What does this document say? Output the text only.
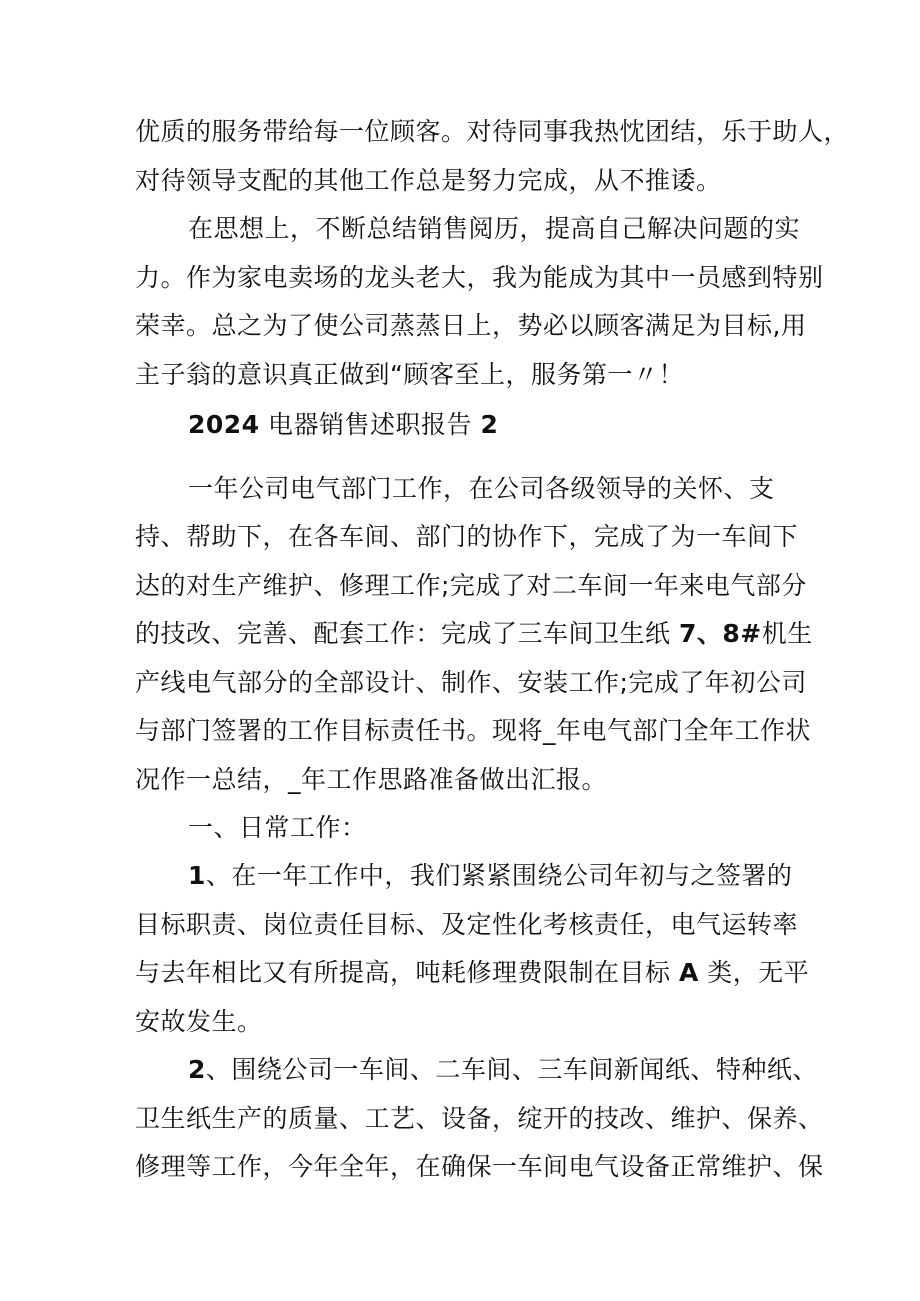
优质的服务带给每一位顾客。对待同事我热忱团结，乐于助人，
对待领导支配的其他工作总是努力完成，从不推诿。
在思想上，不断总结销售阅历，提高自己解决问题的实
力。作为家电卖场的龙头老大，我为能成为其中一员感到特别
荣幸。总之为了使公司蒸蒸日上，势必以顾客满足为目标,用
主子翁的意识真正做到“顾客至上，服务第一〃！
2024 电器销售述职报告 2
一年公司电气部门工作，在公司各级领导的关怀、支
持、帮助下，在各车间、部门的协作下，完成了为一车间下
达的对生产维护、修理工作;完成了对二车间一年来电气部分
的技改、完善、配套工作：完成了三车间卫生纸 7、8#机生
产线电气部分的全部设计、制作、安装工作;完成了年初公司
与部门签署的工作目标责任书。现将_年电气部门全年工作状
况作一总结，_年工作思路准备做出汇报。
一、日常工作：
1、在一年工作中，我们紧紧围绕公司年初与之签署的
目标职责、岗位责任目标、及定性化考核责任，电气运转率
与去年相比又有所提高，吨耗修理费限制在目标 A 类，无平
安故发生。
2、围绕公司一车间、二车间、三车间新闻纸、特种纸、
卫生纸生产的质量、工艺、设备，绽开的技改、维护、保养、
修理等工作，今年全年，在确保一车间电气设备正常维护、保
